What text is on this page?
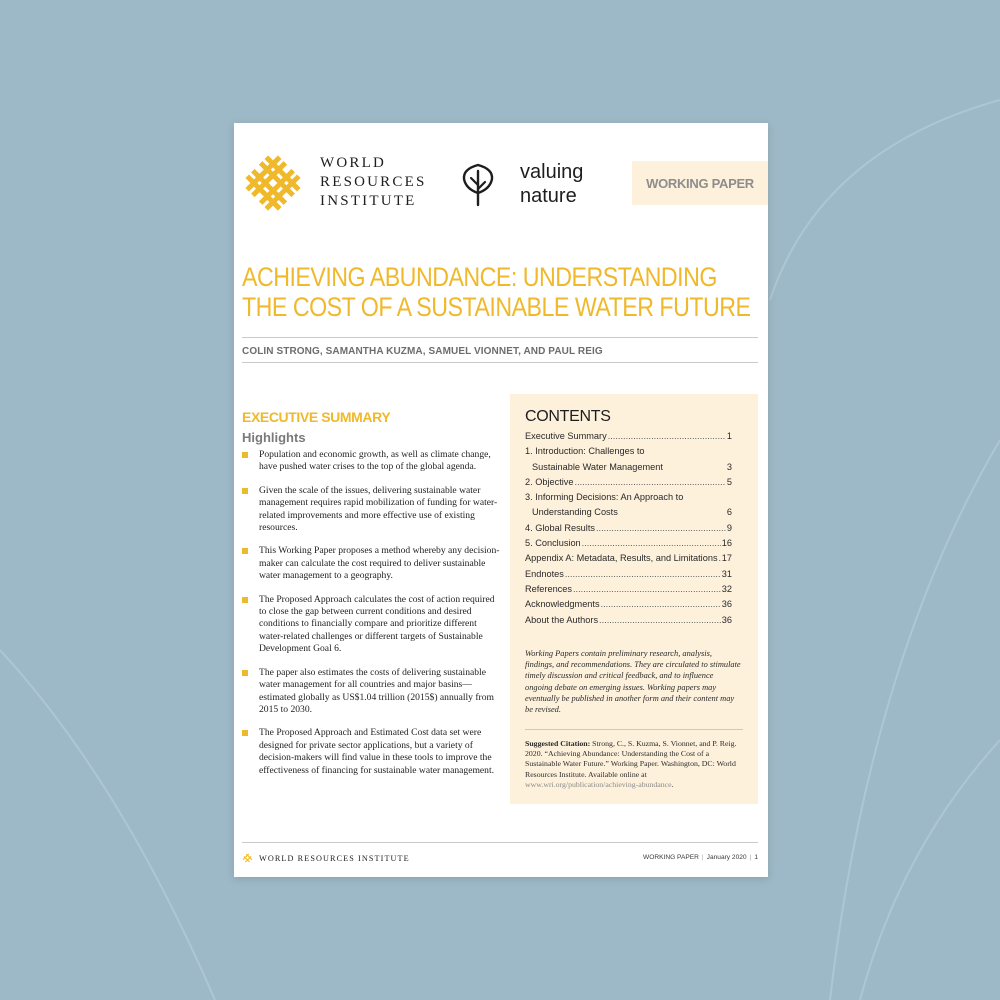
WORLD
RESOURCES
INSTITUTE
valuing
nature
WORKING PAPER
ACHIEVING ABUNDANCE: UNDERSTANDING THE COST OF A SUSTAINABLE WATER FUTURE
COLIN STRONG, SAMANTHA KUZMA, SAMUEL VIONNET, AND PAUL REIG
EXECUTIVE SUMMARY
Highlights
Population and economic growth, as well as climate change, have pushed water crises to the top of the global agenda.
Given the scale of the issues, delivering sustainable water management requires rapid mobilization of funding for water-related improvements and more effective use of existing resources.
This Working Paper proposes a method whereby any decision-maker can calculate the cost required to deliver sustainable water management to a geography.
The Proposed Approach calculates the cost of action required to close the gap between current conditions and desired conditions to financially compare and prioritize different water-related challenges or different targets of Sustainable Development Goal 6.
The paper also estimates the costs of delivering sustainable water management for all countries and major basins—estimated globally as US$1.04 trillion (2015$) annually from 2015 to 2030.
The Proposed Approach and Estimated Cost data set were designed for private sector applications, but a variety of decision-makers will find value in these tools to improve the effectiveness of financing for sustainable water management.
CONTENTS
Executive Summary .....	1
1. Introduction: Challenges to
Sustainable Water Management	3
2. Objective .....	5
3. Informing Decisions: An Approach to
Understanding Costs	6
4. Global Results .....	9
5. Conclusion .....	16
Appendix A: Metadata, Results, and Limitations ..... 17
Endnotes .....	31
References .....	32
Acknowledgments .....	36
About the Authors .....	36
Working Papers contain preliminary research, analysis, findings, and recommendations. They are circulated to stimulate timely discussion and critical feedback, and to influence ongoing debate on emerging issues. Working papers may eventually be published in another form and their content may be revised.
Suggested Citation: Strong, C., S. Kuzma, S. Vionnet, and P. Reig. 2020. “Achieving Abundance: Understanding the Cost of a Sustainable Water Future.” Working Paper. Washington, DC: World Resources Institute. Available online at www.wri.org/publication/achieving-abundance.
WORLD RESOURCES INSTITUTE	WORKING PAPER | January 2020 | 1
